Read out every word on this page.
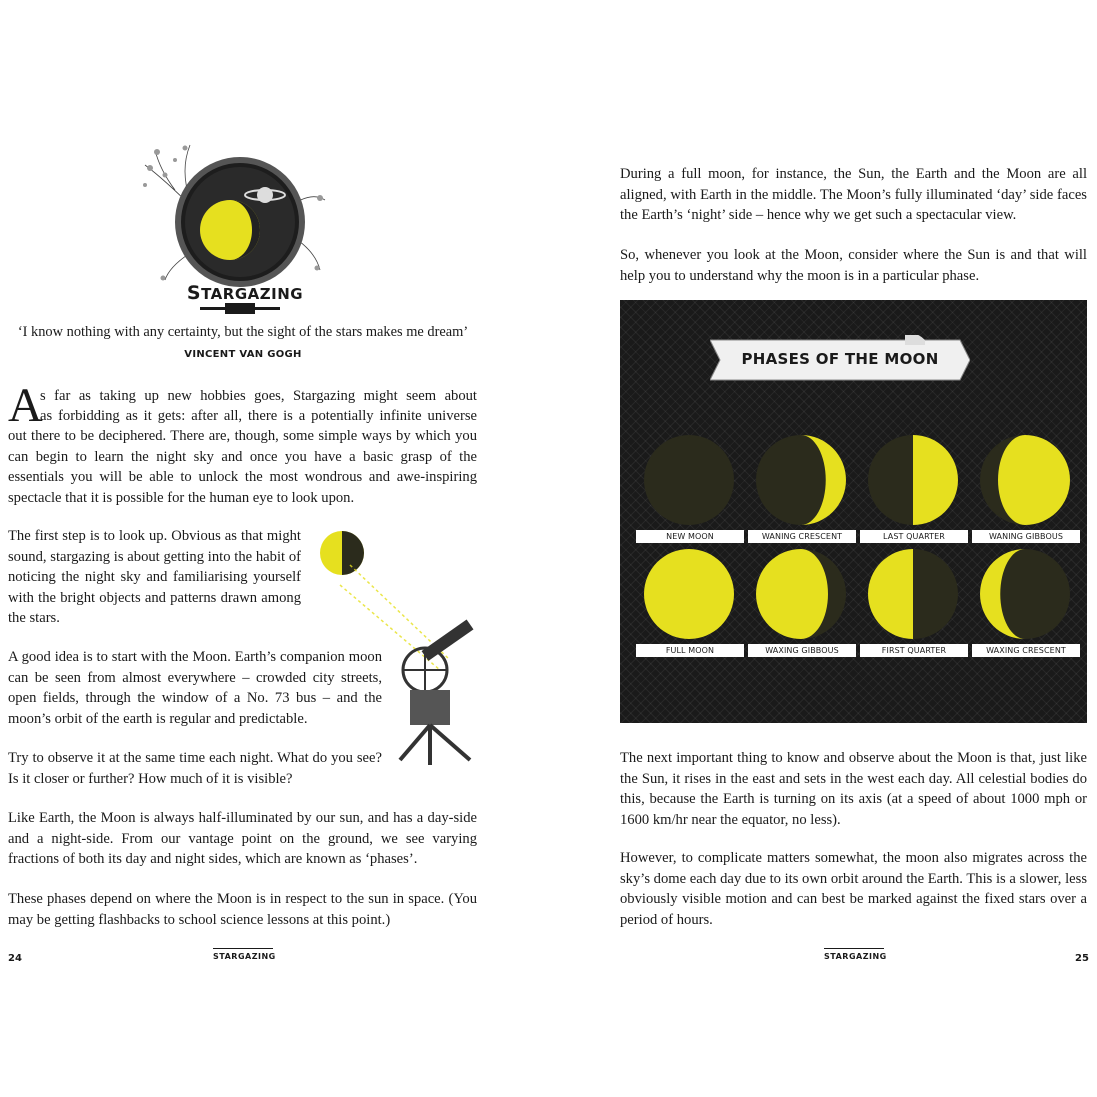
STARGAZING

‘I know nothing with any certainty, but the sight of the stars makes me dream’

VINCENT VAN GOGH
A

s far as taking up new hobbies goes, Stargazing might seem about

as forbidding as it gets: after all, there is a potentially infinite universe

out there to be deciphered. There are, though, some simple ways by which you can begin to learn the night sky and once you have a basic grasp of the essentials you will be able to unlock the most wondrous and awe-inspiring spectacle that it is possible for the human eye to look upon.

The first step is to look up. Obvious as that might sound, stargazing is about getting into the habit of noticing the night sky and familiarising yourself with the bright objects and patterns drawn among the stars.

A good idea is to start with the Moon. Earth’s companion moon can be seen from almost everywhere – crowded city streets, open fields, through the window of a No. 73 bus – and the moon’s orbit of the earth is regular and predictable.

Try to observe it at the same time each night. What do you see? Is it closer or further? How much of it is visible?

Like Earth, the Moon is always half-illuminated by our sun, and has a day-side and a night-side. From our vantage point on the ground, we see varying fractions of both its day and night sides, which are known as ‘phases’.

These phases depend on where the Moon is in respect to the sun in space. (You may be getting flashbacks to school science lessons at this point.)

24	STARGAZING

During a full moon, for instance, the Sun, the Earth and the Moon are all aligned, with Earth in the middle. The Moon’s fully illuminated ‘day’ side faces the Earth’s ‘night’ side – hence why we get such a spectacular view.

So, whenever you look at the Moon, consider where the Sun is and that will help you to understand why the moon is in a particular phase.

PHASES OF THE MOON
NEW MOON	WANING CRESCENT	LAST QUARTER	WANING GIBBOUS
FULL MOON	WAXING GIBBOUS	FIRST QUARTER	WAXING CRESCENT

The next important thing to know and observe about the Moon is that, just like the Sun, it rises in the east and sets in the west each day. All celestial bodies do this, because the Earth is turning on its axis (at a speed of about 1000 mph or 1600 km/hr near the equator, no less).

However, to complicate matters somewhat, the moon also migrates across the sky’s dome each day due to its own orbit around the Earth. This is a slower, less obviously visible motion and can best be marked against the fixed stars over a period of hours.

STARGAZING	25
